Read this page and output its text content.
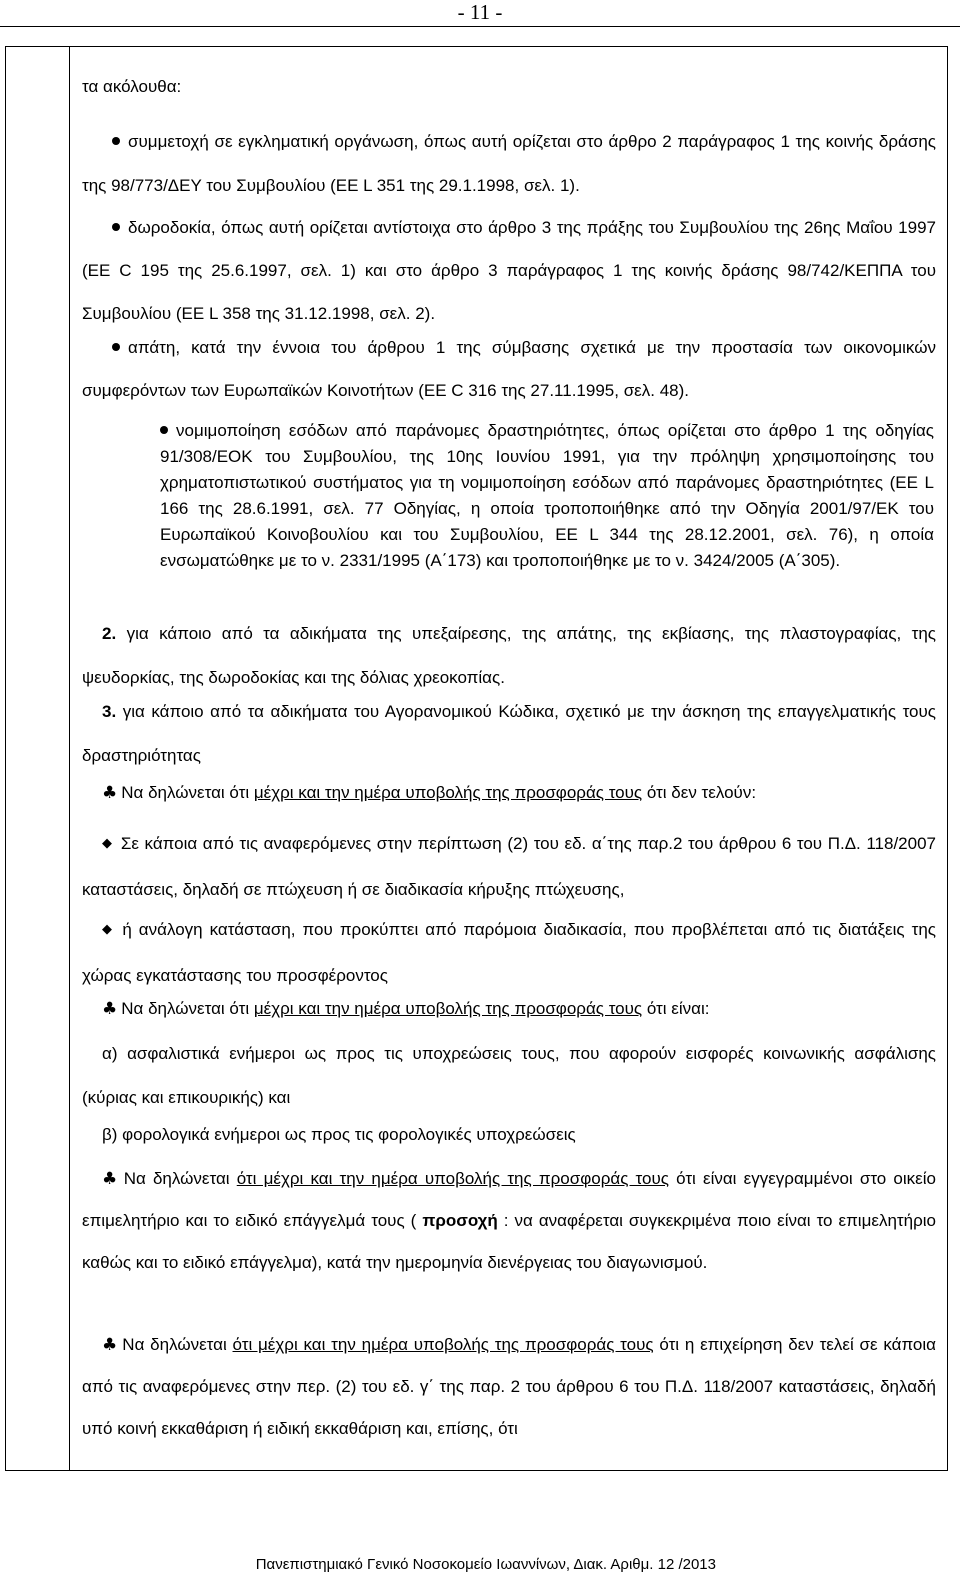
- 11 -

τα ακόλουθα:

συμμετοχή σε εγκληματική οργάνωση, όπως αυτή ορίζεται στο άρθρο 2 παράγραφος 1 της κοινής δράσης της 98/773/ΔΕΥ του Συμβουλίου (ΕΕ L 351 της 29.1.1998, σελ. 1).

δωροδοκία, όπως αυτή ορίζεται αντίστοιχα στο άρθρο 3 της πράξης του Συμβουλίου της 26ης Μαΐου 1997 (ΕΕ C 195 της 25.6.1997, σελ. 1) και στο άρθρο 3 παράγραφος 1 της κοινής δράσης 98/742/ΚΕΠΠΑ του Συμβουλίου (ΕΕ L 358 της 31.12.1998, σελ. 2).

απάτη, κατά την έννοια του άρθρου 1 της σύμβασης σχετικά με την προστασία των οικονομικών συμφερόντων των Ευρωπαϊκών Κοινοτήτων (ΕΕ C 316 της 27.11.1995, σελ. 48).

νομιμοποίηση εσόδων από παράνομες δραστηριότητες, όπως ορίζεται στο άρθρο 1 της οδηγίας 91/308/ΕΟΚ του Συμβουλίου, της 10ης Ιουνίου 1991, για την πρόληψη χρησιμοποίησης του χρηματοπιστωτικού συστήματος για τη νομιμοποίηση εσόδων από παράνομες δραστηριότητες (ΕΕ L 166 της 28.6.1991, σελ. 77 Οδηγίας, η οποία τροποποιήθηκε από την Οδηγία 2001/97/ΕΚ του Ευρωπαϊκού Κοινοβουλίου και του Συμβουλίου, ΕΕ L 344 της 28.12.2001, σελ. 76), η οποία ενσωματώθηκε με το ν. 2331/1995 (Α΄173) και τροποποιήθηκε με το ν. 3424/2005 (Α΄305).

2. για κάποιο από τα αδικήματα της υπεξαίρεσης, της απάτης, της εκβίασης, της πλαστογραφίας, της ψευδορκίας, της δωροδοκίας και της δόλιας χρεοκοπίας.

3. για κάποιο από τα αδικήματα του Αγορανομικού Κώδικα, σχετικό με την άσκηση της επαγγελματικής τους δραστηριότητας

♣ Να δηλώνεται ότι μέχρι και την ημέρα υποβολής της προσφοράς τους ότι δεν τελούν:

◆ Σε κάποια από τις αναφερόμενες στην περίπτωση (2) του εδ. α΄της παρ.2 του άρθρου 6 του Π.Δ. 118/2007 καταστάσεις, δηλαδή σε πτώχευση ή σε διαδικασία κήρυξης πτώχευσης,

◆ ή ανάλογη κατάσταση, που προκύπτει από παρόμοια διαδικασία, που προβλέπεται από τις διατάξεις της χώρας εγκατάστασης του προσφέροντος

♣ Να δηλώνεται ότι μέχρι και την ημέρα υποβολής της προσφοράς τους ότι είναι:

α) ασφαλιστικά ενήμεροι ως προς τις υποχρεώσεις τους, που αφορούν εισφορές κοινωνικής ασφάλισης (κύριας και επικουρικής) και

β) φορολογικά ενήμεροι ως προς τις φορολογικές υποχρεώσεις

♣ Να δηλώνεται ότι μέχρι και την ημέρα υποβολής της προσφοράς τους ότι είναι εγγεγραμμένοι στο οικείο επιμελητήριο και το ειδικό επάγγελμά τους ( προσοχή : να αναφέρεται συγκεκριμένα ποιο είναι το επιμελητήριο καθώς και το ειδικό επάγγελμα), κατά την ημερομηνία διενέργειας του διαγωνισμού.

♣ Να δηλώνεται ότι μέχρι και την ημέρα υποβολής της προσφοράς τους ότι η επιχείρηση δεν τελεί σε κάποια από τις αναφερόμενες στην περ. (2) του εδ. γ΄ της παρ. 2 του άρθρου 6 του Π.Δ. 118/2007 καταστάσεις, δηλαδή υπό κοινή εκκαθάριση ή ειδική εκκαθάριση και, επίσης, ότι

Πανεπιστημιακό Γενικό Νοσοκομείο Ιωαννίνων, Διακ. Αριθμ. 12 /2013
